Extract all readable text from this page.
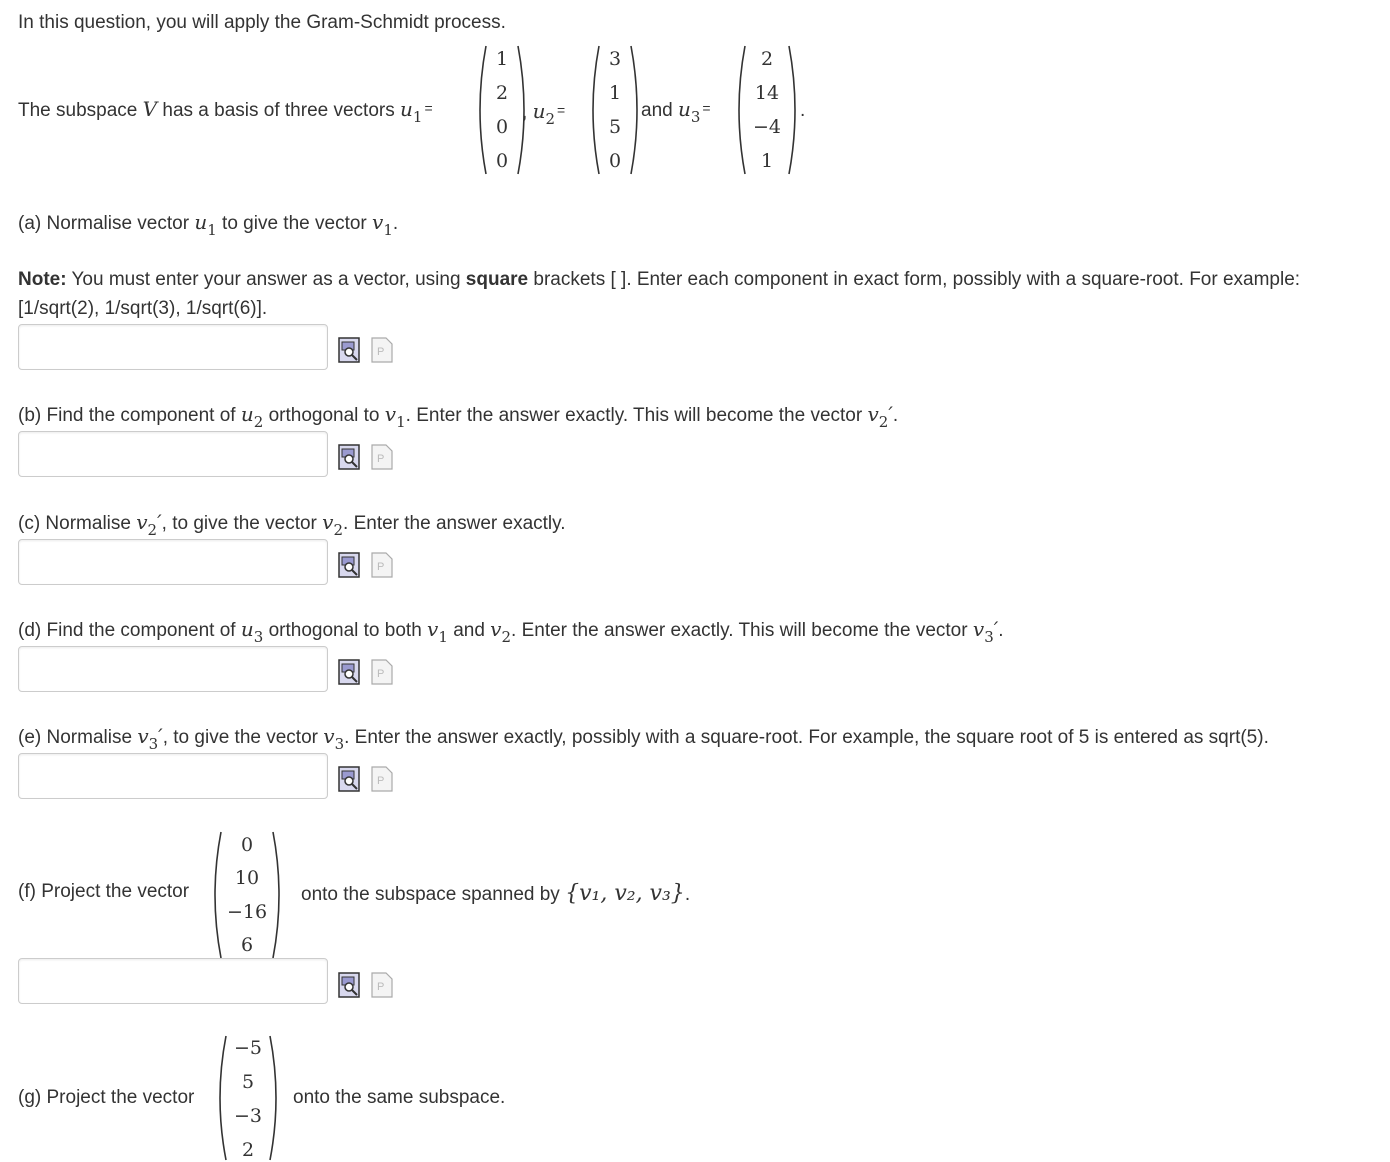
In this question, you will apply the Gram-Schmidt process.
The subspace V has a basis of three vectors $u_1$ =
1
2
0
0
, $u_2$ =
3
1
5
0
and $u_3$ =
2
14
−4
1
.
(a) Normalise vector $u_1$ to give the vector $v_1$.
Note: You must enter your answer as a vector, using square brackets [ ]. Enter each component in exact form, possibly with a square-root. For example:
[1/sqrt(2), 1/sqrt(3), 1/sqrt(6)].
P
(b) Find the component of $u_2$ orthogonal to $v_1$. Enter the answer exactly. This will become the vector $v_2'$.
P
(c) Normalise $v_2'$, to give the vector $v_2$. Enter the answer exactly.
P
(d) Find the component of $u_3$ orthogonal to both $v_1$ and $v_2$. Enter the answer exactly. This will become the vector $v_3'$.
P
(e) Normalise $v_3'$, to give the vector $v_3$. Enter the answer exactly, possibly with a square-root. For example, the square root of 5 is entered as sqrt(5).
P
(f) Project the vector
0
10
−16
6
onto the subspace spanned by {v₁, v₂, v₃}.
P
(g) Project the vector
−5
5
−3
2
onto the same subspace.
